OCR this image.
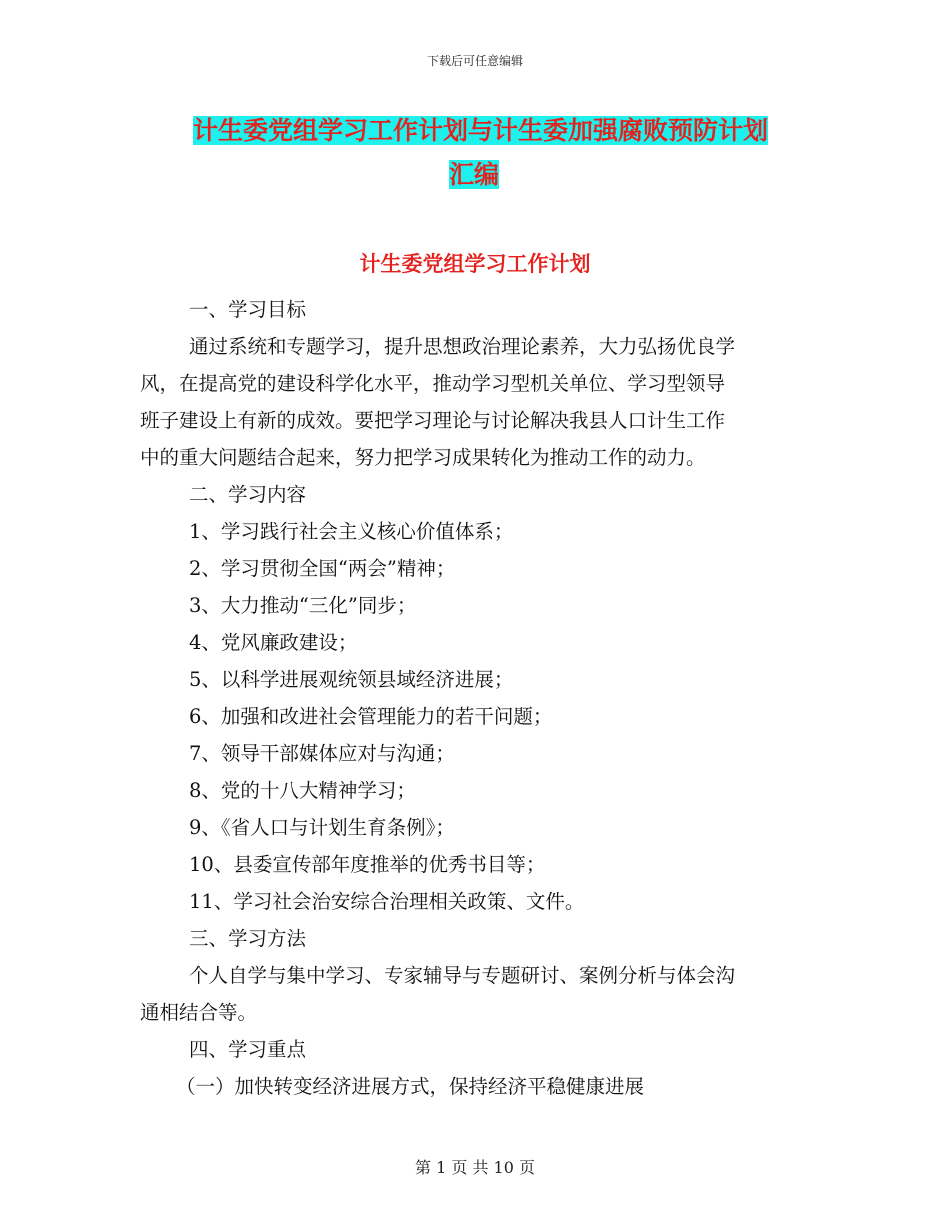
下载后可任意编辑
计生委党组学习工作计划与计生委加强腐败预防计划
汇编
计生委党组学习工作计划
一、学习目标
通过系统和专题学习，提升思想政治理论素养，大力弘扬优良学
风，在提高党的建设科学化水平，推动学习型机关单位、学习型领导
班子建设上有新的成效。要把学习理论与讨论解决我县人口计生工作
中的重大问题结合起来，努力把学习成果转化为推动工作的动力。
二、学习内容
1、学习践行社会主义核心价值体系；
2、学习贯彻全国“两会”精神；
3、大力推动“三化”同步；
4、党风廉政建设；
5、以科学进展观统领县域经济进展；
6、加强和改进社会管理能力的若干问题；
7、领导干部媒体应对与沟通；
8、党的十八大精神学习；
9、《省人口与计划生育条例》；
10、县委宣传部年度推举的优秀书目等；
11、学习社会治安综合治理相关政策、文件。
三、学习方法
个人自学与集中学习、专家辅导与专题研讨、案例分析与体会沟
通相结合等。
四、学习重点
（一）加快转变经济进展方式，保持经济平稳健康进展
第 1 页 共 10 页
